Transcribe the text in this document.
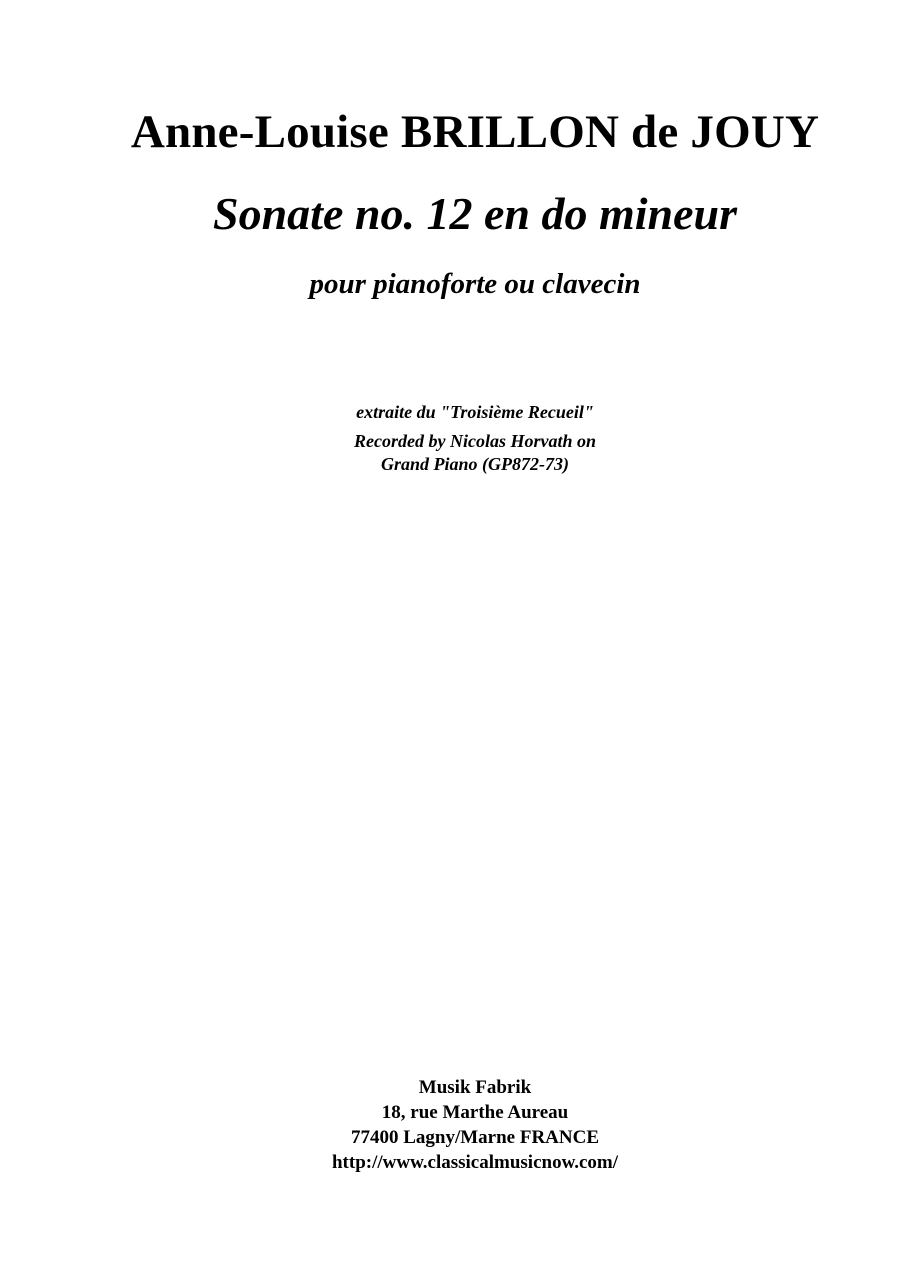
Anne-Louise BRILLON de JOUY
Sonate no. 12 en do mineur
pour pianoforte ou clavecin
extraite du "Troisième Recueil"
Recorded by Nicolas Horvath on
Grand Piano (GP872-73)
Musik Fabrik
18, rue Marthe Aureau
77400 Lagny/Marne FRANCE
http://www.classicalmusicnow.com/
